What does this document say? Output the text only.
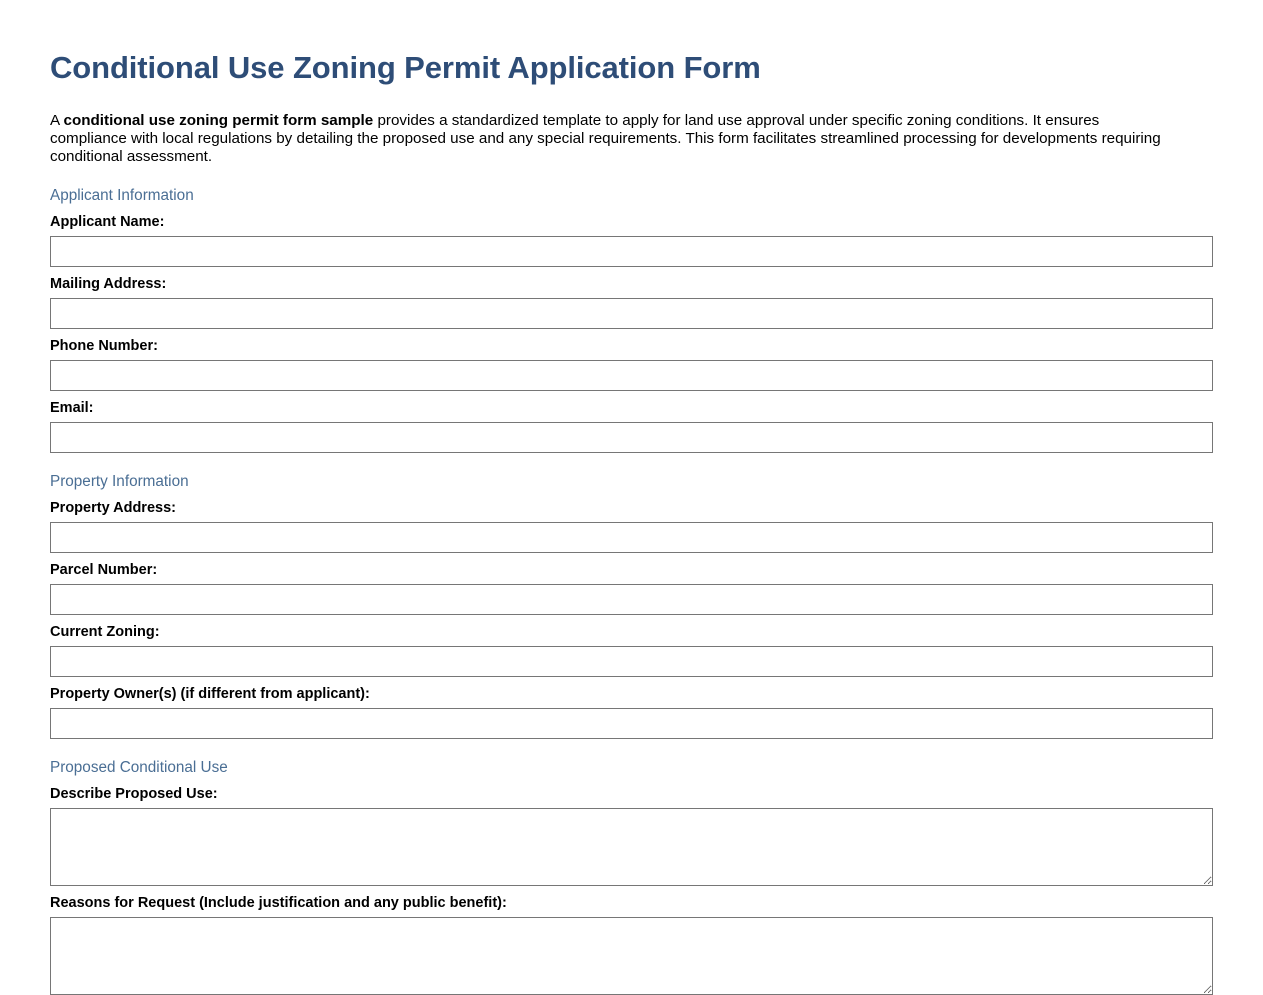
Conditional Use Zoning Permit Application Form

A conditional use zoning permit form sample provides a standardized template to apply for land use approval under specific zoning conditions. It ensures compliance with local regulations by detailing the proposed use and any special requirements. This form facilitates streamlined processing for developments requiring conditional assessment.

Applicant Information
Applicant Name:
Mailing Address:
Phone Number:
Email:
Property Information
Property Address:
Parcel Number:
Current Zoning:
Property Owner(s) (if different from applicant):
Proposed Conditional Use
Describe Proposed Use:
Reasons for Request (Include justification and any public benefit):
